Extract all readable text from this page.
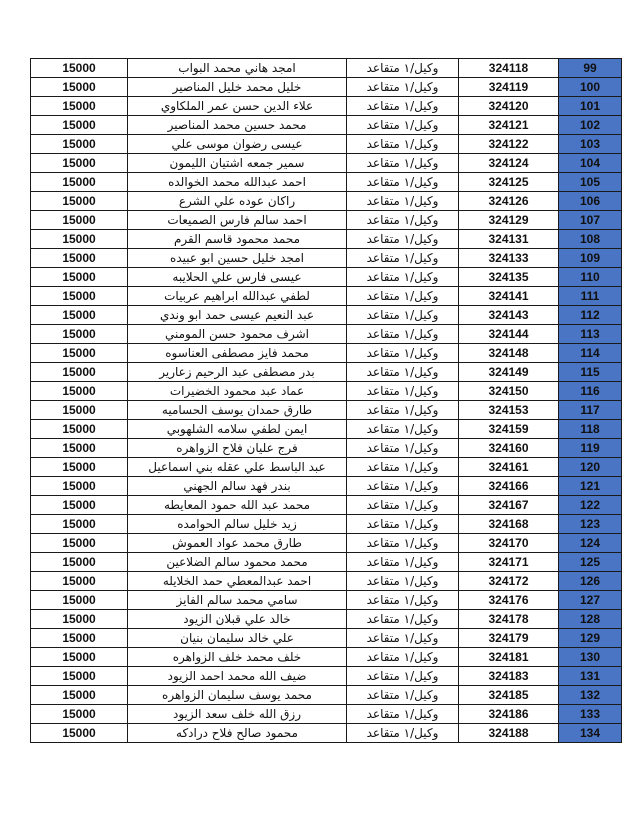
15000	امجد هاني محمد البواب	وكيل/١ متقاعد	324118	99
15000	خليل محمد خليل المناصير	وكيل/١ متقاعد	324119	100
15000	علاء الدين حسن عمر الملكاوي	وكيل/١ متقاعد	324120	101
15000	محمد حسين محمد المناصير	وكيل/١ متقاعد	324121	102
15000	عيسى رضوان موسى علي	وكيل/١ متقاعد	324122	103
15000	سمير جمعه اشتيان الليمون	وكيل/١ متقاعد	324124	104
15000	احمد عبدالله محمد الخوالده	وكيل/١ متقاعد	324125	105
15000	راكان عوده علي الشرع	وكيل/١ متقاعد	324126	106
15000	احمد سالم فارس الصميعات	وكيل/١ متقاعد	324129	107
15000	محمد محمود قاسم القرم	وكيل/١ متقاعد	324131	108
15000	امجد خليل حسين ابو عبيده	وكيل/١ متقاعد	324133	109
15000	عيسى فارس علي الحلايبه	وكيل/١ متقاعد	324135	110
15000	لطفي عبدالله ابراهيم عربيات	وكيل/١ متقاعد	324141	111
15000	عبد النعيم عيسى حمد ابو وندي	وكيل/١ متقاعد	324143	112
15000	اشرف محمود حسن المومني	وكيل/١ متقاعد	324144	113
15000	محمد فايز مصطفى العناسوه	وكيل/١ متقاعد	324148	114
15000	بدر مصطفى عبد الرحيم زعارير	وكيل/١ متقاعد	324149	115
15000	عماد عبد محمود الخضيرات	وكيل/١ متقاعد	324150	116
15000	طارق حمدان يوسف الحساميه	وكيل/١ متقاعد	324153	117
15000	ايمن لطفي سلامه الشلهوبي	وكيل/١ متقاعد	324159	118
15000	فرج عليان فلاح الزواهره	وكيل/١ متقاعد	324160	119
15000	عبد الباسط علي عقله بني اسماعيل	وكيل/١ متقاعد	324161	120
15000	بندر فهد سالم الجهني	وكيل/١ متقاعد	324166	121
15000	محمد عبد الله حمود المعايطه	وكيل/١ متقاعد	324167	122
15000	زيد خليل سالم الحوامده	وكيل/١ متقاعد	324168	123
15000	طارق محمد عواد العموش	وكيل/١ متقاعد	324170	124
15000	محمد محمود سالم الضلاعين	وكيل/١ متقاعد	324171	125
15000	احمد عبدالمعطي حمد الخلايله	وكيل/١ متقاعد	324172	126
15000	سامي محمد سالم الفايز	وكيل/١ متقاعد	324176	127
15000	خالد علي قبلان الزيود	وكيل/١ متقاعد	324178	128
15000	علي خالد سليمان بنيان	وكيل/١ متقاعد	324179	129
15000	خلف محمد خلف الزواهره	وكيل/١ متقاعد	324181	130
15000	ضيف الله محمد احمد الزيود	وكيل/١ متقاعد	324183	131
15000	محمد يوسف سليمان الزواهره	وكيل/١ متقاعد	324185	132
15000	رزق الله خلف سعد الزيود	وكيل/١ متقاعد	324186	133
15000	محمود صالح فلاح درادكه	وكيل/١ متقاعد	324188	134
